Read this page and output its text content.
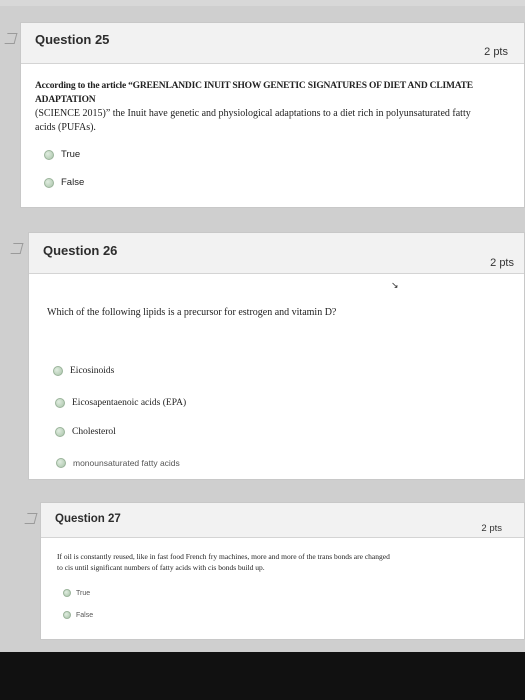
Question 25
2 pts
According to the article “GREENLANDIC INUIT SHOW GENETIC SIGNATURES OF DIET AND CLIMATE ADAPTATION
(SCIENCE 2015)” the Inuit have genetic and physiological adaptations to a diet rich in polyunsaturated fatty
acids (PUFAs).
True
False
Question 26
2 pts
Which of the following lipids is a precursor for estrogen and vitamin D?
Eicosinoids
Eicosapentaenoic acids (EPA)
Cholesterol
monounsaturated fatty acids
↘
Question 27
2 pts
If oil is constantly reused, like in fast food French fry machines, more and more of the trans bonds are changed
to cis until significant numbers of fatty acids with cis bonds build up.
True
False
